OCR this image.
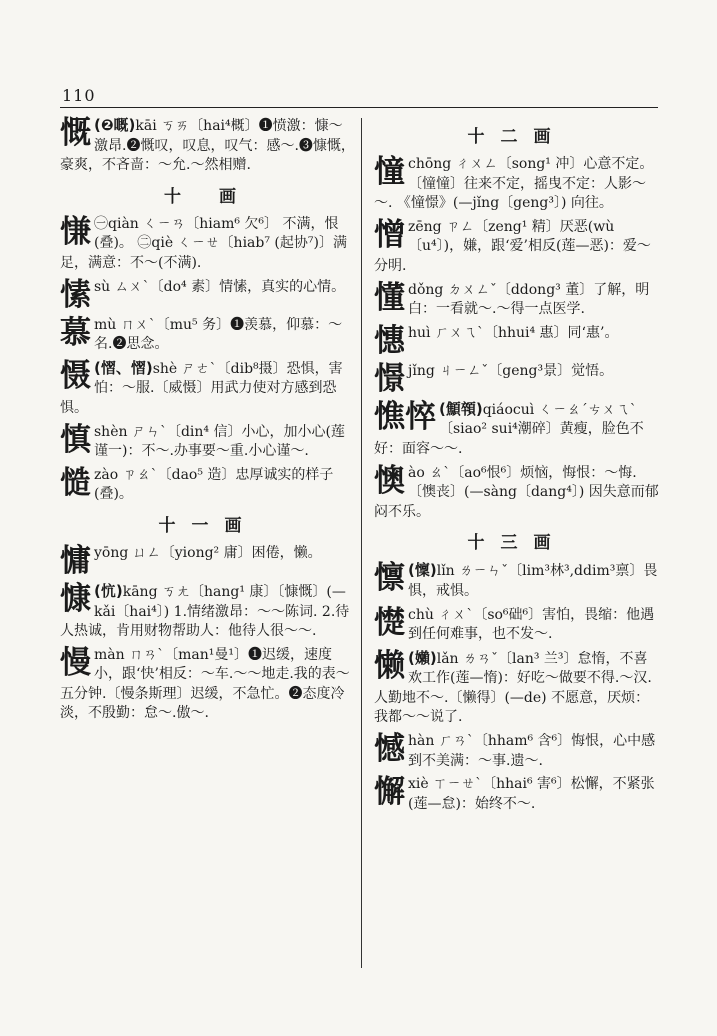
110
慨 (❷嘅)kāi ㄎㄞ〔hai⁴概〕❶愤激：慷～激昂.❷慨叹，叹息，叹气：感～.❸慷慨，豪爽，不吝啬：～允.～然相赠.
十 画
慊 ㊀qiàn ㄑㄧㄢ〔hiam⁶ 欠⁶〕 不满，恨(叠)。 ㊁qiè ㄑㄧㄝ〔hiab⁷ (起协⁷)〕满足，满意：不～(不满).
愫sù ㄙㄨˋ〔do⁴ 素〕情愫，真实的心情。
慕mù ㄇㄨˋ〔mu⁵ 务〕❶羡慕，仰慕：～名.❷思念。
慑 (慴、慴)shè ㄕㄜˋ〔dib⁸摄〕恐惧，害怕：～服.〔威慑〕用武力使对方感到恐惧。
慎shèn ㄕㄣˋ〔din⁴ 信〕小心，加小心(莲谨一)：不～.办事要～重.小心谨～.
慥zào ㄗㄠˋ〔dao⁵ 造〕忠厚诚实的样子(叠)。
十一画
慵yōng ㄩㄥ〔yiong² 庸〕困倦，懒。
慷 (忼)kāng ㄎㄤ〔hang¹ 康〕〔慷慨〕(—kǎi〔hai⁴〕) 1.情绪激昂：～～陈词. 2.待人热诚，肯用财物帮助人：他待人很～～.
慢màn ㄇㄢˋ〔man¹曼¹〕❶迟缓，速度小，跟‘快’相反：～车.～～地走.我的表～五分钟.〔慢条斯理〕迟缓，不急忙。❷态度冷淡，不殷勤：怠～.傲～.
十二画
憧chōng ㄔㄨㄥ〔song¹ 冲〕心意不定。〔憧憧〕往来不定，摇曳不定：人影～～. 《憧憬》(—jǐng〔geng³〕) 向往。
憎zēng ㄗㄥ〔zeng¹ 精〕厌恶(wù〔u⁴〕)，嫌，跟‘爱’相反(莲—恶)：爱～分明.
懂dǒng ㄉㄨㄥˇ〔ddong³ 董〕了解，明白：一看就～.～得一点医学.
憓huì ㄏㄨㄟˋ〔hhui⁴ 惠〕同‘惠’。
憬jǐng ㄐㄧㄥˇ〔geng³景〕觉悟。
憔悴 (顦顇)qiáocuì ㄑㄧㄠˊㄘㄨㄟˋ〔siao² sui⁴潮碎〕黄瘦，脸色不好：面容～～.
懊ào ㄠˋ〔ao⁶恨⁶〕烦恼，悔恨：～悔.〔懊丧〕(—sàng〔dang⁴〕) 因失意而郁闷不乐。
十三画
懔 (懍)lǐn ㄌㄧㄣˇ〔lim³林³,ddim³禀〕畏惧，戒惧。
憷chù ㄔㄨˋ〔so⁶础⁶〕害怕，畏缩：他遇到任何难事，也不发～.
懒 (嬾)lǎn ㄌㄢˇ〔lan³ 兰³〕怠惰，不喜欢工作(莲—惰)：好吃～做要不得.～汉.人勤地不～.〔懒得〕(—de) 不愿意，厌烦：我都～～说了.
憾hàn ㄏㄢˋ〔hham⁶ 含⁶〕悔恨，心中感到不美满：～事.遗～.
懈xiè ㄒㄧㄝˋ〔hhai⁶ 害⁶〕松懈，不紧张(莲—怠)：始终不～.
